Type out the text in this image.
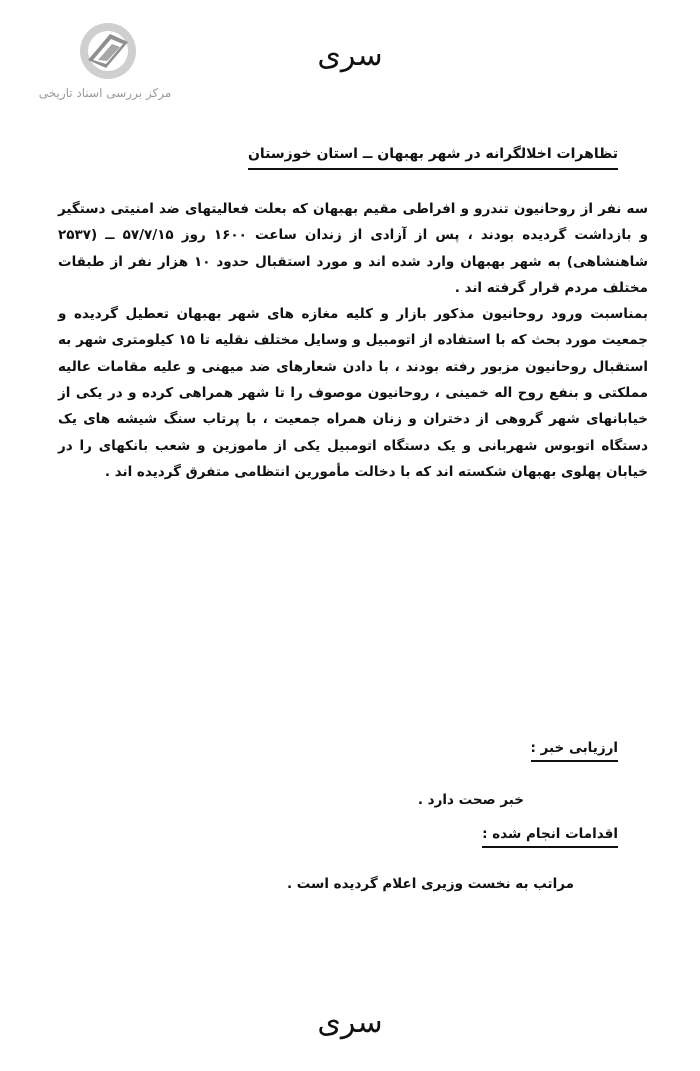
مرکز بررسی اسناد تاریخی
سری
تظاهرات اخلالگرانه در شهر بهبهان ــ استان خوزستان

سه نفر از روحانیون تندرو و افراطی مقیم بهبهان که بعلت فعالیتهای ضد امنیتی دستگیر و بازداشت گردیده بودند ، پس از آزادی از زندان ساعت ۱۶۰۰ روز ۵۷/۷/۱۵ ــ (۲۵۳۷ شاهنشاهی) به شهر بهبهان وارد شده اند و مورد استقبال حدود ۱۰ هزار نفر از طبقات مختلف مردم قرار گرفته اند .

بمناسبت ورود روحانیون مذکور بازار و کلیه مغازه های شهر بهبهان تعطیل گردیده و جمعیت مورد بحث که با استفاده از اتومبیل و وسایل مختلف نقلیه تا ۱۵ کیلومتری شهر به استقبال روحانیون مزبور رفته بودند ، با دادن شعارهای ضد میهنی و علیه مقامات عالیه مملکتی و بنفع روح اله خمینی ، روحانیون موصوف را تا شهر همراهی کرده و در یکی از خیابانهای شهر گروهی از دختران و زنان همراه جمعیت ، با پرتاب سنگ شیشه های یک دستگاه اتوبوس شهربانی و یک دستگاه اتومبیل یکی از ماموزین و شعب بانکهای را در خیابان پهلوی بهبهان شکسته اند که با دخالت مأمورین انتظامی متفرق گردیده اند .

ارزیابی خبر :
خبر صحت دارد .
اقدامات انجام شده :
مراتب به نخست وزیری اعلام گردیده است .
سری
